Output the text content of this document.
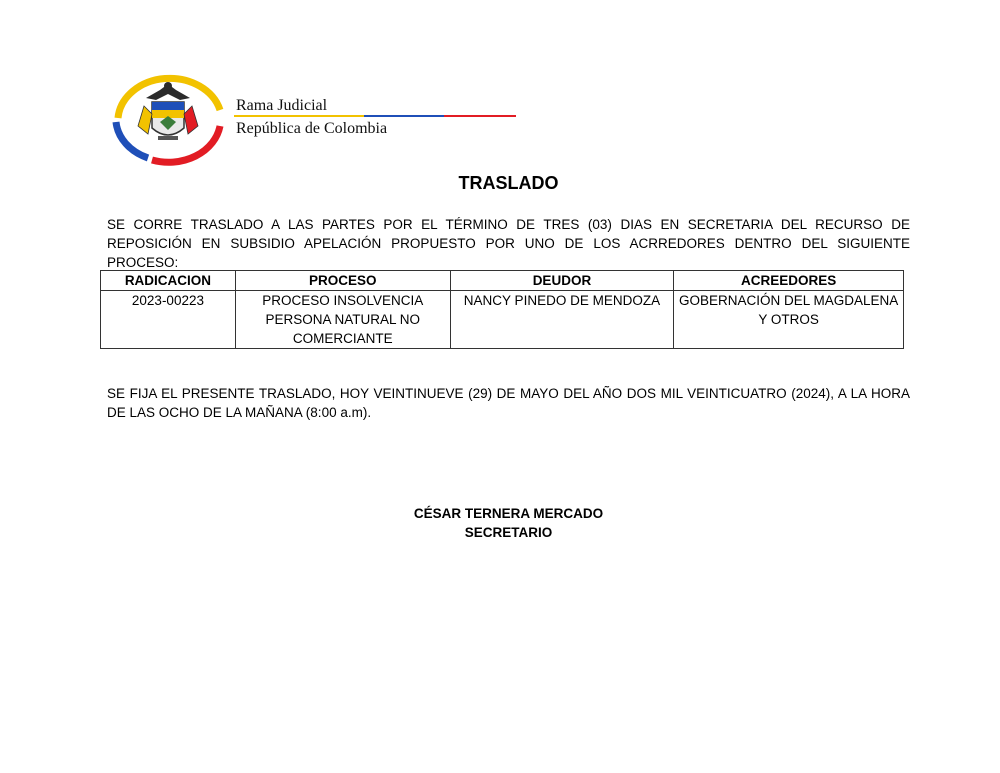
Rama Judicial
República de Colombia
TRASLADO

SE CORRE TRASLADO A LAS PARTES POR EL TÉRMINO DE TRES (03) DIAS EN SECRETARIA DEL RECURSO DE REPOSICIÓN EN SUBSIDIO APELACIÓN PROPUESTO POR UNO DE LOS ACRREDORES DENTRO DEL SIGUIENTE PROCESO:

RADICACION	PROCESO	DEUDOR	ACREEDORES
2023-00223	PROCESO INSOLVENCIA PERSONA NATURAL NO COMERCIANTE	NANCY PINEDO DE MENDOZA	GOBERNACIÓN DEL MAGDALENA Y OTROS

SE FIJA EL PRESENTE TRASLADO, HOY VEINTINUEVE (29) DE MAYO DEL AÑO DOS MIL VEINTICUATRO (2024), A LA HORA DE LAS OCHO DE LA MAÑANA (8:00 a.m).

CÉSAR TERNERA MERCADO
SECRETARIO
